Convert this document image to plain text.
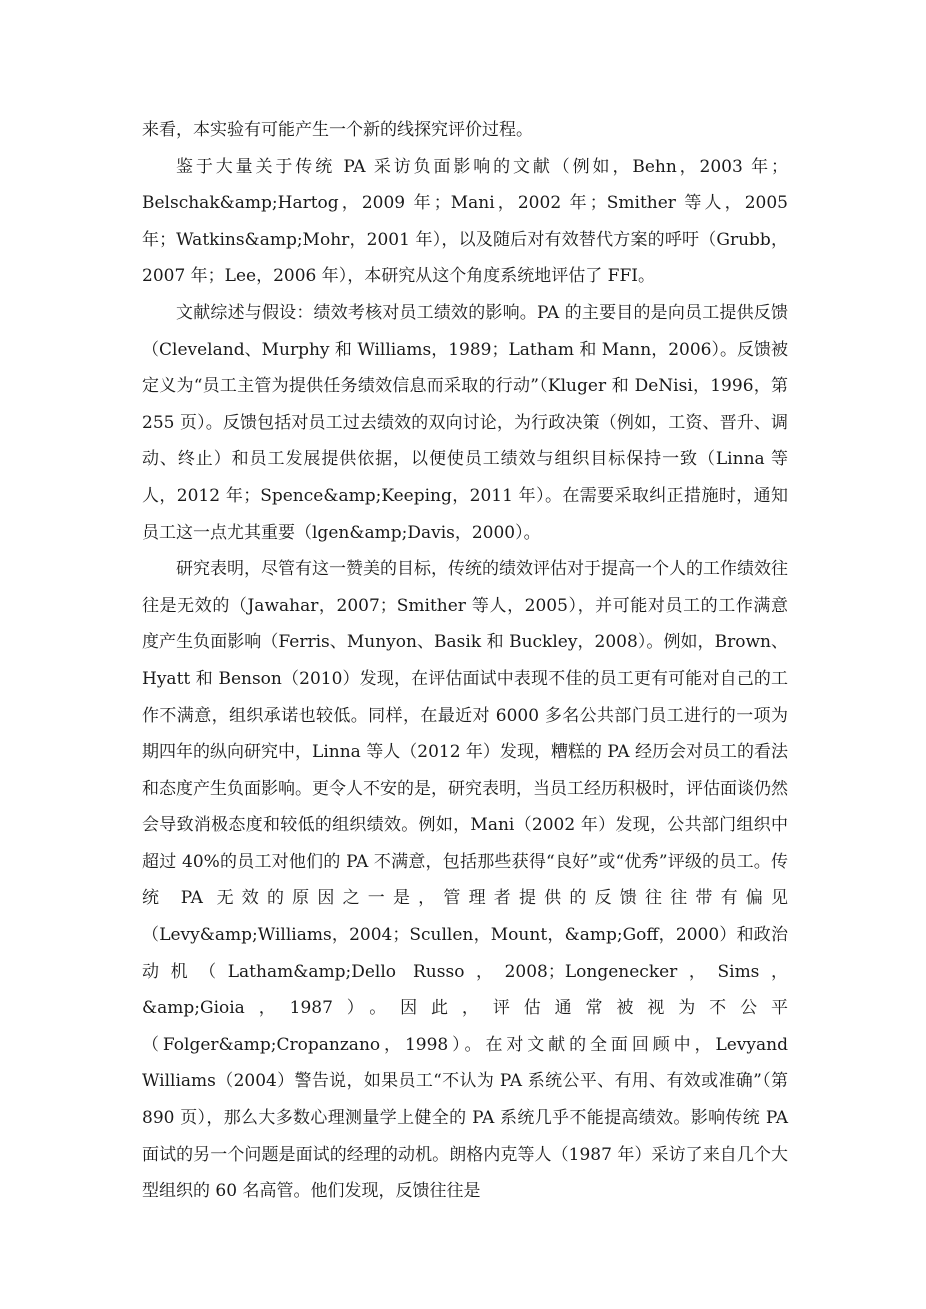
来看，本实验有可能产生一个新的线探究评价过程。

鉴于大量关于传统 PA 采访负面影响的文献（例如，Behn，2003 年；Belschak&amp;Hartog，2009 年；Mani，2002 年；Smither 等人，2005 年；Watkins&amp;Mohr，2001 年），以及随后对有效替代方案的呼吁（Grubb，2007 年；Lee，2006 年），本研究从这个角度系统地评估了 FFI。

文献综述与假设：绩效考核对员工绩效的影响。PA 的主要目的是向员工提供反馈（Cleveland、Murphy 和 Williams，1989；Latham 和 Mann，2006）。反馈被定义为“员工主管为提供任务绩效信息而采取的行动”（Kluger 和 DeNisi，1996，第 255 页）。反馈包括对员工过去绩效的双向讨论，为行政决策（例如，工资、晋升、调动、终止）和员工发展提供依据，以便使员工绩效与组织目标保持一致（Linna 等人，2012 年；Spence&amp;Keeping，2011 年）。在需要采取纠正措施时，通知员工这一点尤其重要（lgen&amp;Davis，2000）。

研究表明，尽管有这一赞美的目标，传统的绩效评估对于提高一个人的工作绩效往往是无效的（Jawahar，2007；Smither 等人，2005），并可能对员工的工作满意度产生负面影响（Ferris、Munyon、Basik 和 Buckley，2008）。例如，Brown、Hyatt 和 Benson（2010）发现，在评估面试中表现不佳的员工更有可能对自己的工作不满意，组织承诺也较低。同样，在最近对 6000 多名公共部门员工进行的一项为期四年的纵向研究中，Linna 等人（2012 年）发现，糟糕的 PA 经历会对员工的看法和态度产生负面影响。更令人不安的是，研究表明，当员工经历积极时，评估面谈仍然会导致消极态度和较低的组织绩效。例如，Mani（2002 年）发现，公共部门组织中超过 40%的员工对他们的 PA 不满意，包括那些获得“良好”或“优秀”评级的员工。传统 PA 无效的原因之一是，管理者提供的反馈往往带有偏见（Levy&amp;Williams，2004；Scullen，Mount，&amp;Goff，2000）和政治动机（Latham&amp;Dello Russo，2008；Longenecker，Sims，&amp;Gioia，1987）。因此，评估通常被视为不公平（Folger&amp;Cropanzano，1998）。在对文献的全面回顾中，Levyand Williams（2004）警告说，如果员工“不认为 PA 系统公平、有用、有效或准确”（第 890 页），那么大多数心理测量学上健全的 PA 系统几乎不能提高绩效。影响传统 PA 面试的另一个问题是面试的经理的动机。朗格内克等人（1987 年）采访了来自几个大型组织的 60 名高管。他们发现，反馈往往是
